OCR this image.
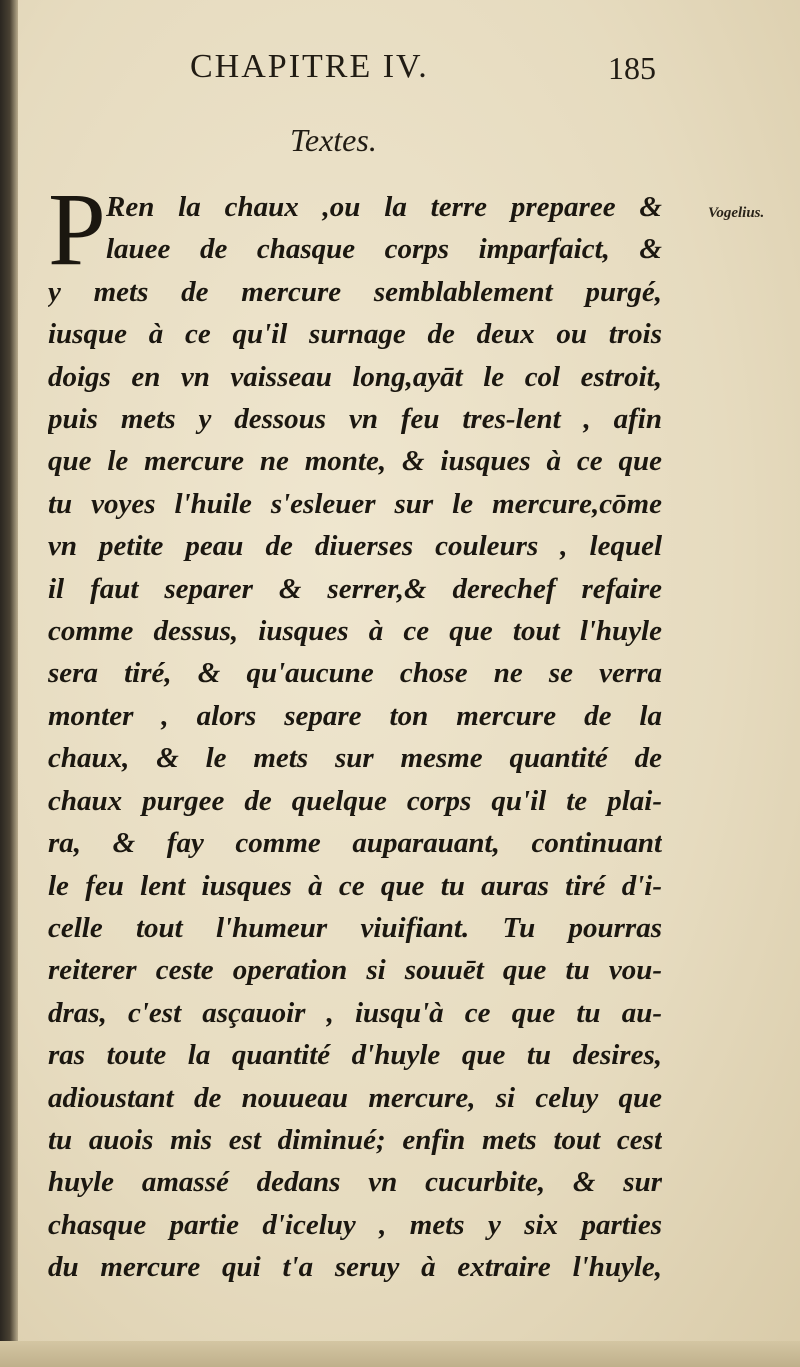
CHAPITRE IV.	185
Textes.
Vogelius.
P Ren la chaux ,ou la terre preparee &
lauee de chasque corps imparfaict, &
y mets de mercure semblablement purgé,
iusque à ce qu'il surnage de deux ou trois
doigs en vn vaisseau long,ayāt le col estroit,
puis mets y dessous vn feu tres-lent , afin
que le mercure ne monte, & iusques à ce que
tu voyes l'huile s'esleuer sur le mercure,cōme
vn petite peau de diuerses couleurs , lequel
il faut separer & serrer,& derechef refaire
comme dessus, iusques à ce que tout l'huyle
sera tiré, & qu'aucune chose ne se verra
monter , alors separe ton mercure de la
chaux, & le mets sur mesme quantité de
chaux purgee de quelque corps qu'il te plai-
ra, & fay comme auparauant, continuant
le feu lent iusques à ce que tu auras tiré d'i-
celle tout l'humeur viuifiant. Tu pourras
reiterer ceste operation si souuēt que tu vou-
dras, c'est asçauoir , iusqu'à ce que tu au-
ras toute la quantité d'huyle que tu desires,
adioustant de nouueau mercure, si celuy que
tu auois mis est diminué; enfin mets tout cest
huyle amassé dedans vn cucurbite, & sur
chasque partie d'iceluy , mets y six parties
du mercure qui t'a seruy à extraire l'huyle,
